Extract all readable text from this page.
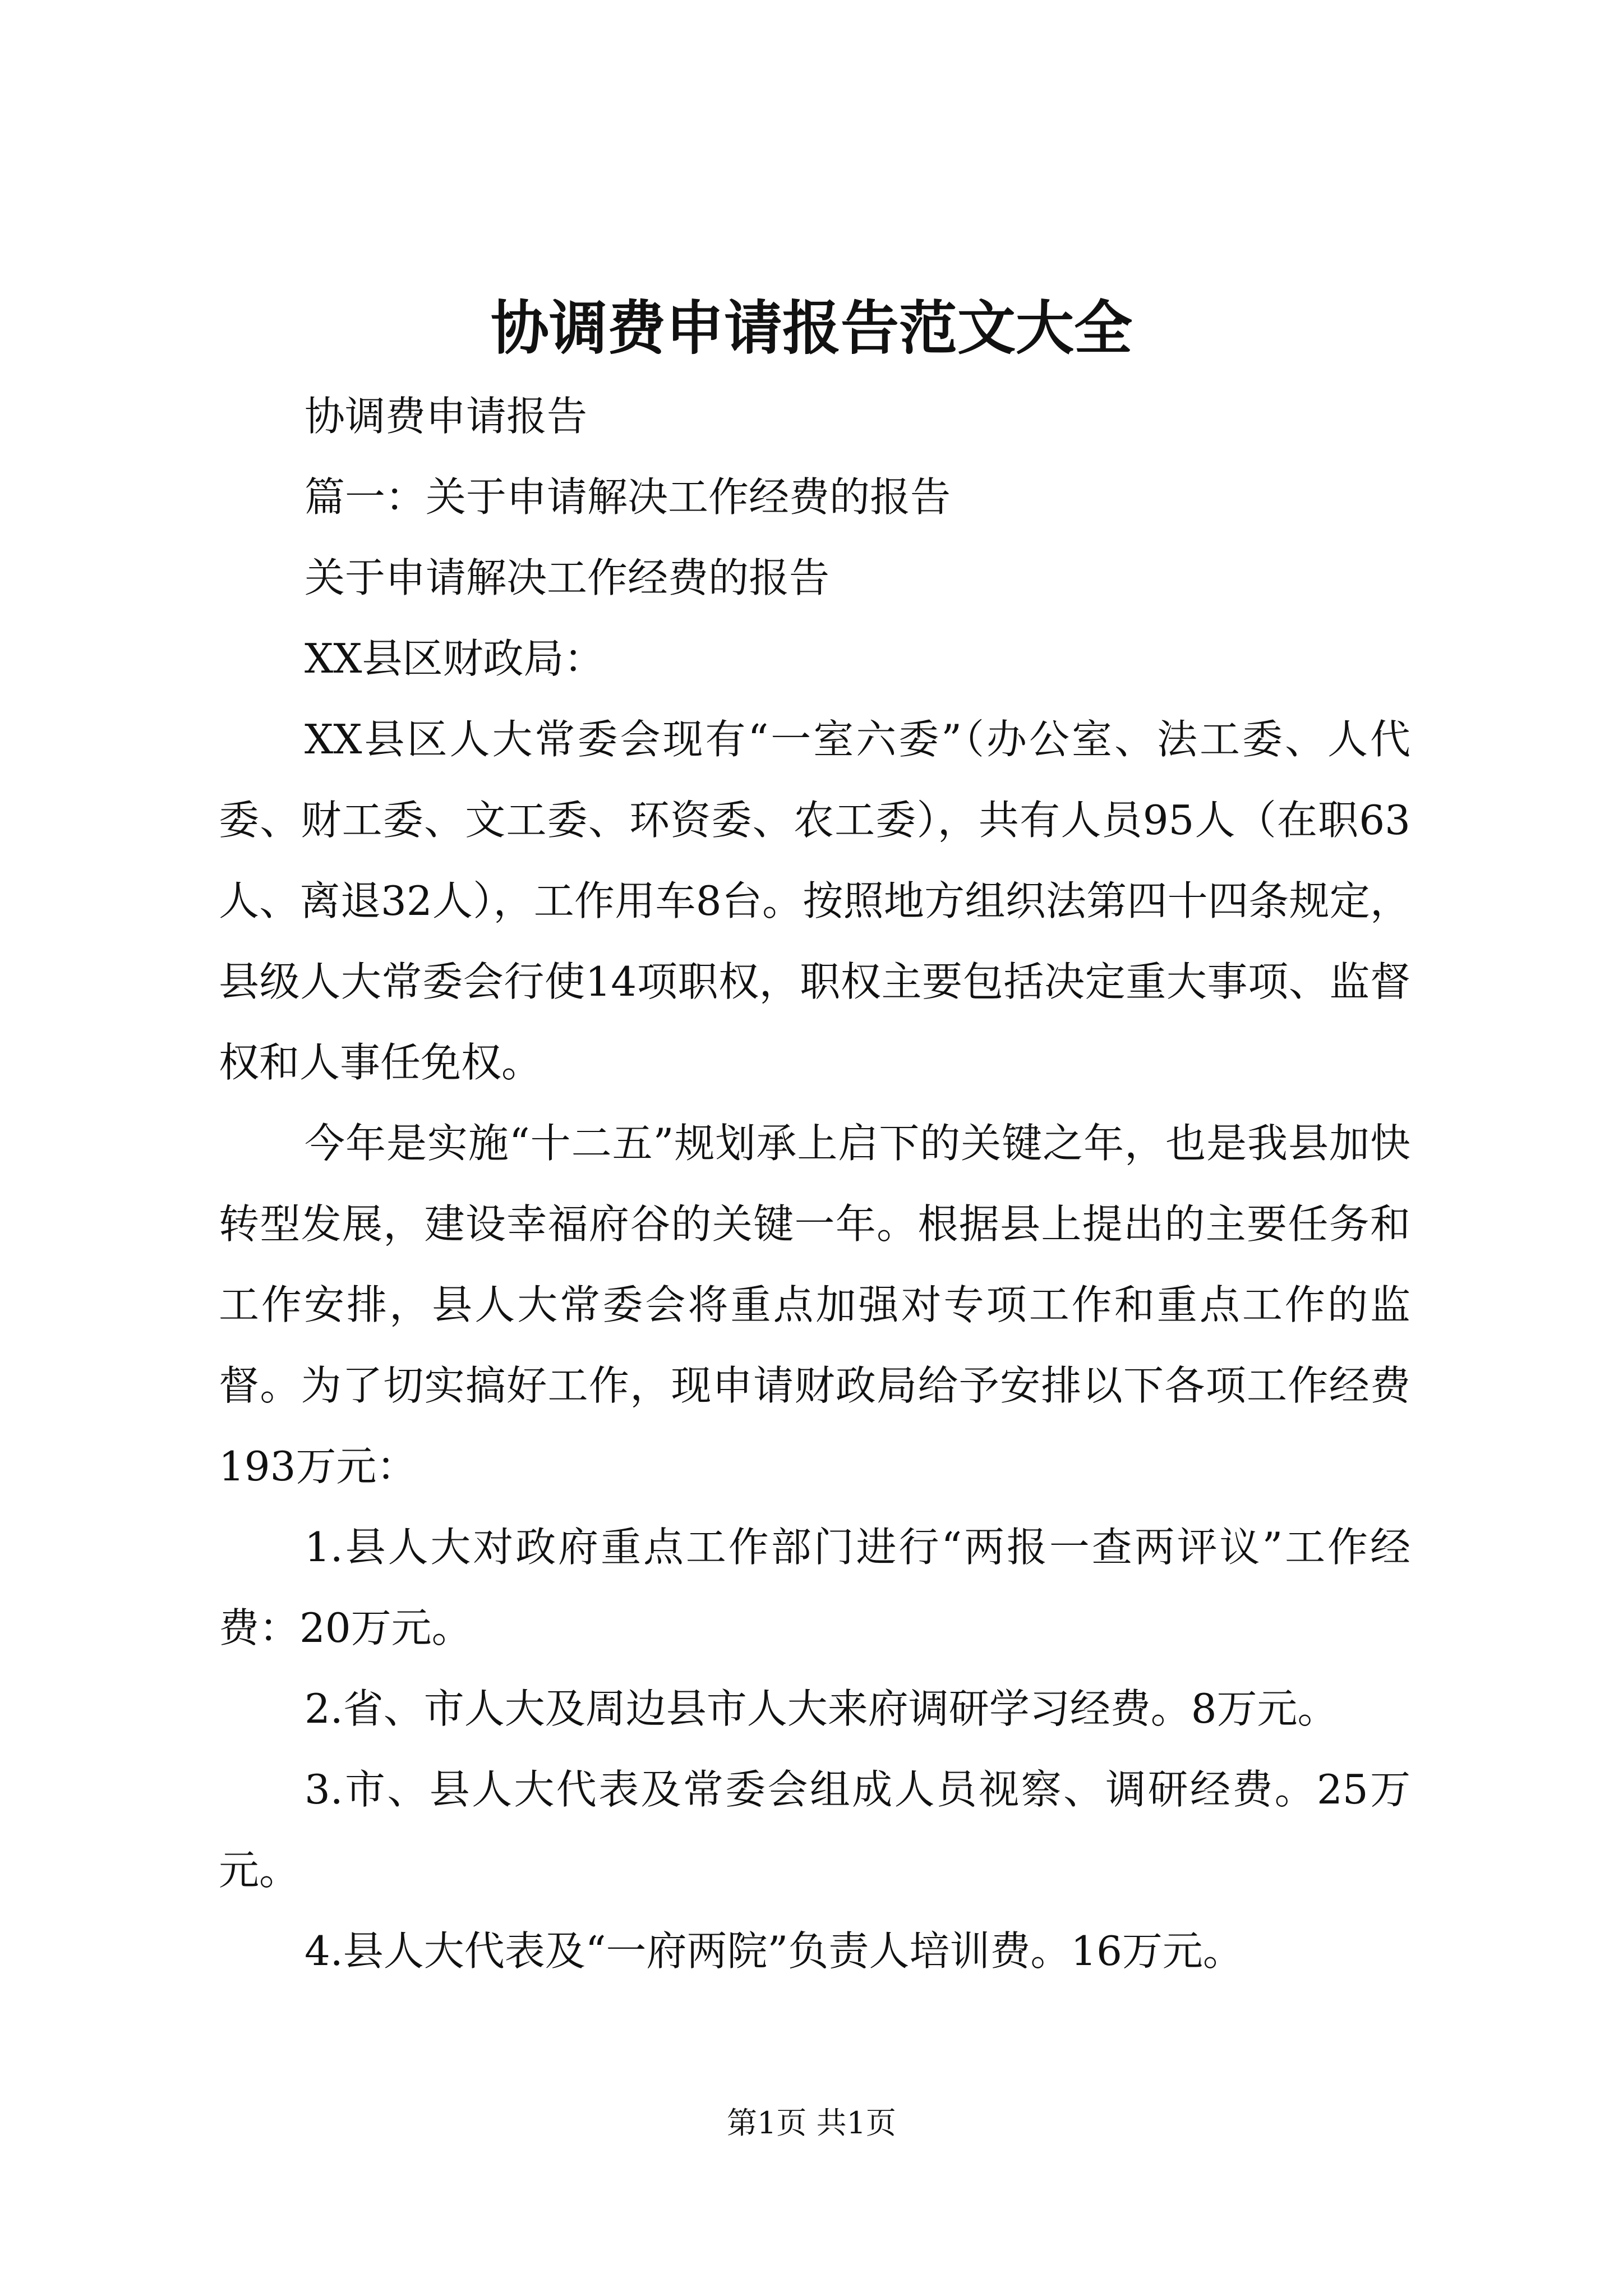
协调费申请报告范文大全

协调费申请报告

篇一：关于申请解决工作经费的报告

关于申请解决工作经费的报告

XX县区财政局：

XX县区人大常委会现有“一室六委”（办公室、法工委、人代委、财工委、文工委、环资委、农工委），共有人员95人（在职63人、离退32人），工作用车8台。按照地方组织法第四十四条规定，县级人大常委会行使14项职权，职权主要包括决定重大事项、监督权和人事任免权。

今年是实施“十二五”规划承上启下的关键之年，也是我县加快转型发展，建设幸福府谷的关键一年。根据县上提出的主要任务和工作安排，县人大常委会将重点加强对专项工作和重点工作的监督。为了切实搞好工作，现申请财政局给予安排以下各项工作经费193万元：

1.县人大对政府重点工作部门进行“两报一查两评议”工作经费：20万元。

2.省、市人大及周边县市人大来府调研学习经费。8万元。

3.市、县人大代表及常委会组成人员视察、调研经费。25万元。

4.县人大代表及“一府两院”负责人培训费。16万元。

第1页 共1页
